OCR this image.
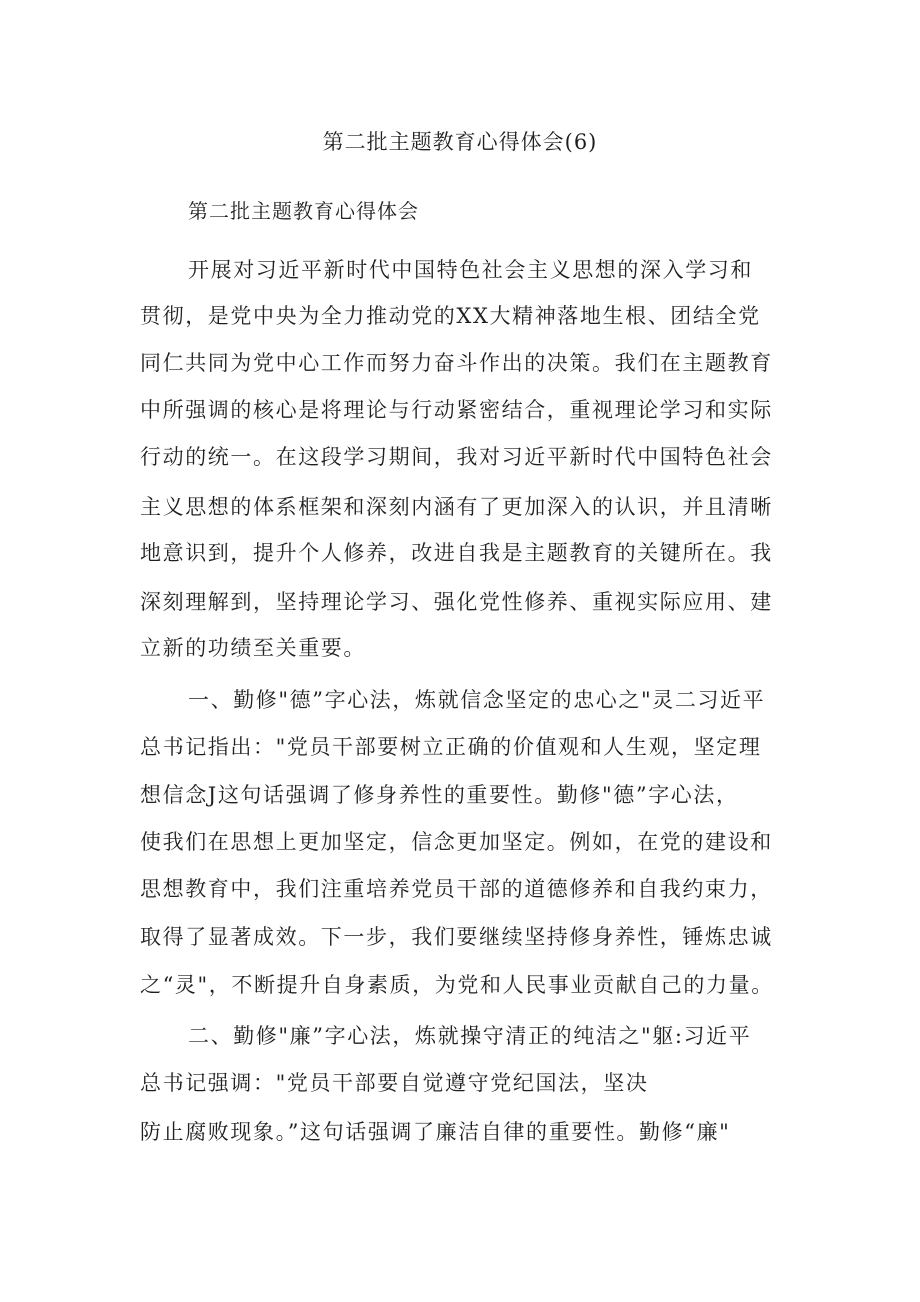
第二批主题教育心得体会(6)
第二批主题教育心得体会
开展对习近平新时代中国特色社会主义思想的深入学习和
贯彻，是党中央为全力推动党的XX大精神落地生根、团结全党
同仁共同为党中心工作而努力奋斗作出的决策。我们在主题教育
中所强调的核心是将理论与行动紧密结合，重视理论学习和实际
行动的统一。在这段学习期间，我对习近平新时代中国特色社会
主义思想的体系框架和深刻内涵有了更加深入的认识，并且清晰
地意识到，提升个人修养，改进自我是主题教育的关键所在。我
深刻理解到，坚持理论学习、强化党性修养、重视实际应用、建
立新的功绩至关重要。
一、勤修"德”字心法，炼就信念坚定的忠心之"灵二习近平
总书记指出："党员干部要树立正确的价值观和人生观，坚定理
想信念J这句话强调了修身养性的重要性。勤修"德”字心法，
使我们在思想上更加坚定，信念更加坚定。例如，在党的建设和
思想教育中，我们注重培养党员干部的道德修养和自我约束力，
取得了显著成效。下一步，我们要继续坚持修身养性，锤炼忠诚
之“灵"，不断提升自身素质，为党和人民事业贡献自己的力量。
二、勤修"廉”字心法，炼就操守清正的纯洁之"躯:习近平
总书记强调："党员干部要自觉遵守党纪国法，坚决
防止腐败现象。”这句话强调了廉洁自律的重要性。勤修“廉"
